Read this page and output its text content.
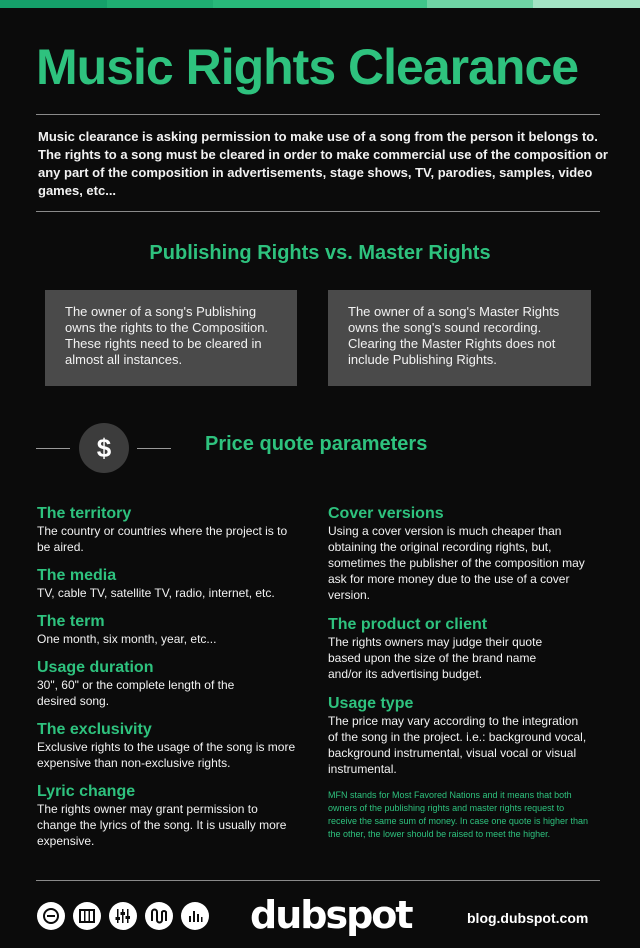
Music Rights Clearance

Music clearance is asking permission to make use of a song from the person it belongs to. The rights to a song must be cleared in order to make commercial use of the composition or any part of the composition in advertisements, stage shows, TV, parodies, samples, video games, etc...

Publishing Rights vs. Master Rights
The owner of a song's Publishing owns the rights to the Composition. These rights need to be cleared in almost all instances.
The owner of a song's Master Rights owns the song's sound recording. Clearing the Master Rights does not include Publishing Rights.
$	Price quote parameters
The territory

The country or countries where the project is to be aired.

The media

TV, cable TV, satellite TV, radio, internet, etc.

The term

One month, six month, year, etc...

Usage duration

30", 60" or the complete length of the desired song.

The exclusivity

Exclusive rights to the usage of the song is more expensive than non-exclusive rights.

Lyric change

The rights owner may grant permission to change the lyrics of the song. It is usually more expensive.

Cover versions

Using a cover version is much cheaper than obtaining the original recording rights, but, sometimes the publisher of the composition may ask for more money due to the use of a cover version.

The product or client

The rights owners may judge their quote based upon the size of the brand name and/or its advertising budget.

Usage type

The price may vary according to the integration of the song in the project. i.e.: background vocal, background instrumental, visual vocal or visual instrumental.

MFN stands for Most Favored Nations and it means that both owners of the publishing rights and master rights request to receive the same sum of money. In case one quote is higher than the other, the lower should be raised to meet the higher.

dubspot	blog.dubspot.com
